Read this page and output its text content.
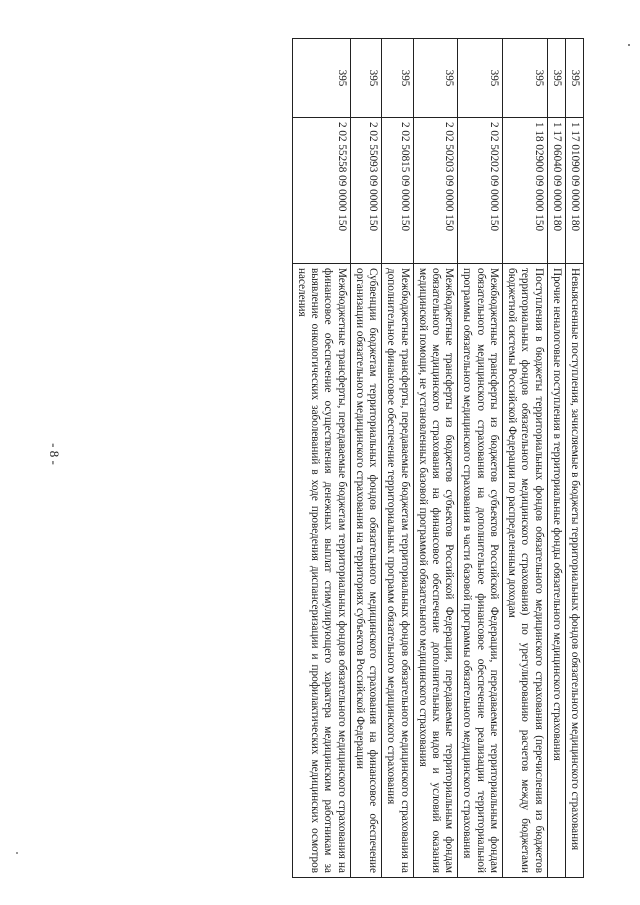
- 8 -
395	1 17 01090 09 0000 180	Невыясненные поступления, зачисляемые в бюджеты территориальных фондов обязательного медицинского страхования
395	1 17 06040 09 0000 180	Прочие неналоговые поступления в территориальные фонды обязательного медицинского страхования
395	1 18 02900 09 0000 150	Поступления в бюджеты территориальных фондов обязательного медицинского страхования (перечисления из бюджетов территориальных фондов обязательного медицинского страхования) по урегулированию расчетов между бюджетами бюджетной системы Российской Федерации по распределенным доходам
395	2 02 50202 09 0000 150	Межбюджетные трансферты из бюджетов субъектов Российской Федерации, передаваемые территориальным фондам обязательного медицинского страхования на дополнительное финансовое обеспечение реализации территориальной программы обязательного медицинского страхования в части базовой программы обязательного медицинского страхования
395	2 02 50203 09 0000 150	Межбюджетные трансферты из бюджетов субъектов Российской Федерации, передаваемые территориальным фондам обязательного медицинского страхования на финансовое обеспечение дополнительных видов и условий оказания медицинской помощи, не установленных базовой программой обязательного медицинского страхования
395	2 02 50815 09 0000 150	Межбюджетные трансферты, передаваемые бюджетам территориальных фондов обязательного медицинского страхования на дополнительное финансовое обеспечение территориальных программ обязательного медицинского страхования
395	2 02 55093 09 0000 150	Субвенции бюджетам территориальных фондов обязательного медицинского страхования на финансовое обеспечение организации обязательного медицинского страхования на территориях субъектов Российской Федерации
395	2 02 55258 09 0000 150	Межбюджетные трансферты, передаваемые бюджетам территориальных фондов обязательного медицинского страхования на финансовое обеспечение осуществления денежных выплат стимулирующего характера медицинским работникам за выявление онкологических заболеваний в ходе проведения диспансеризации и профилактических медицинских осмотров населения
